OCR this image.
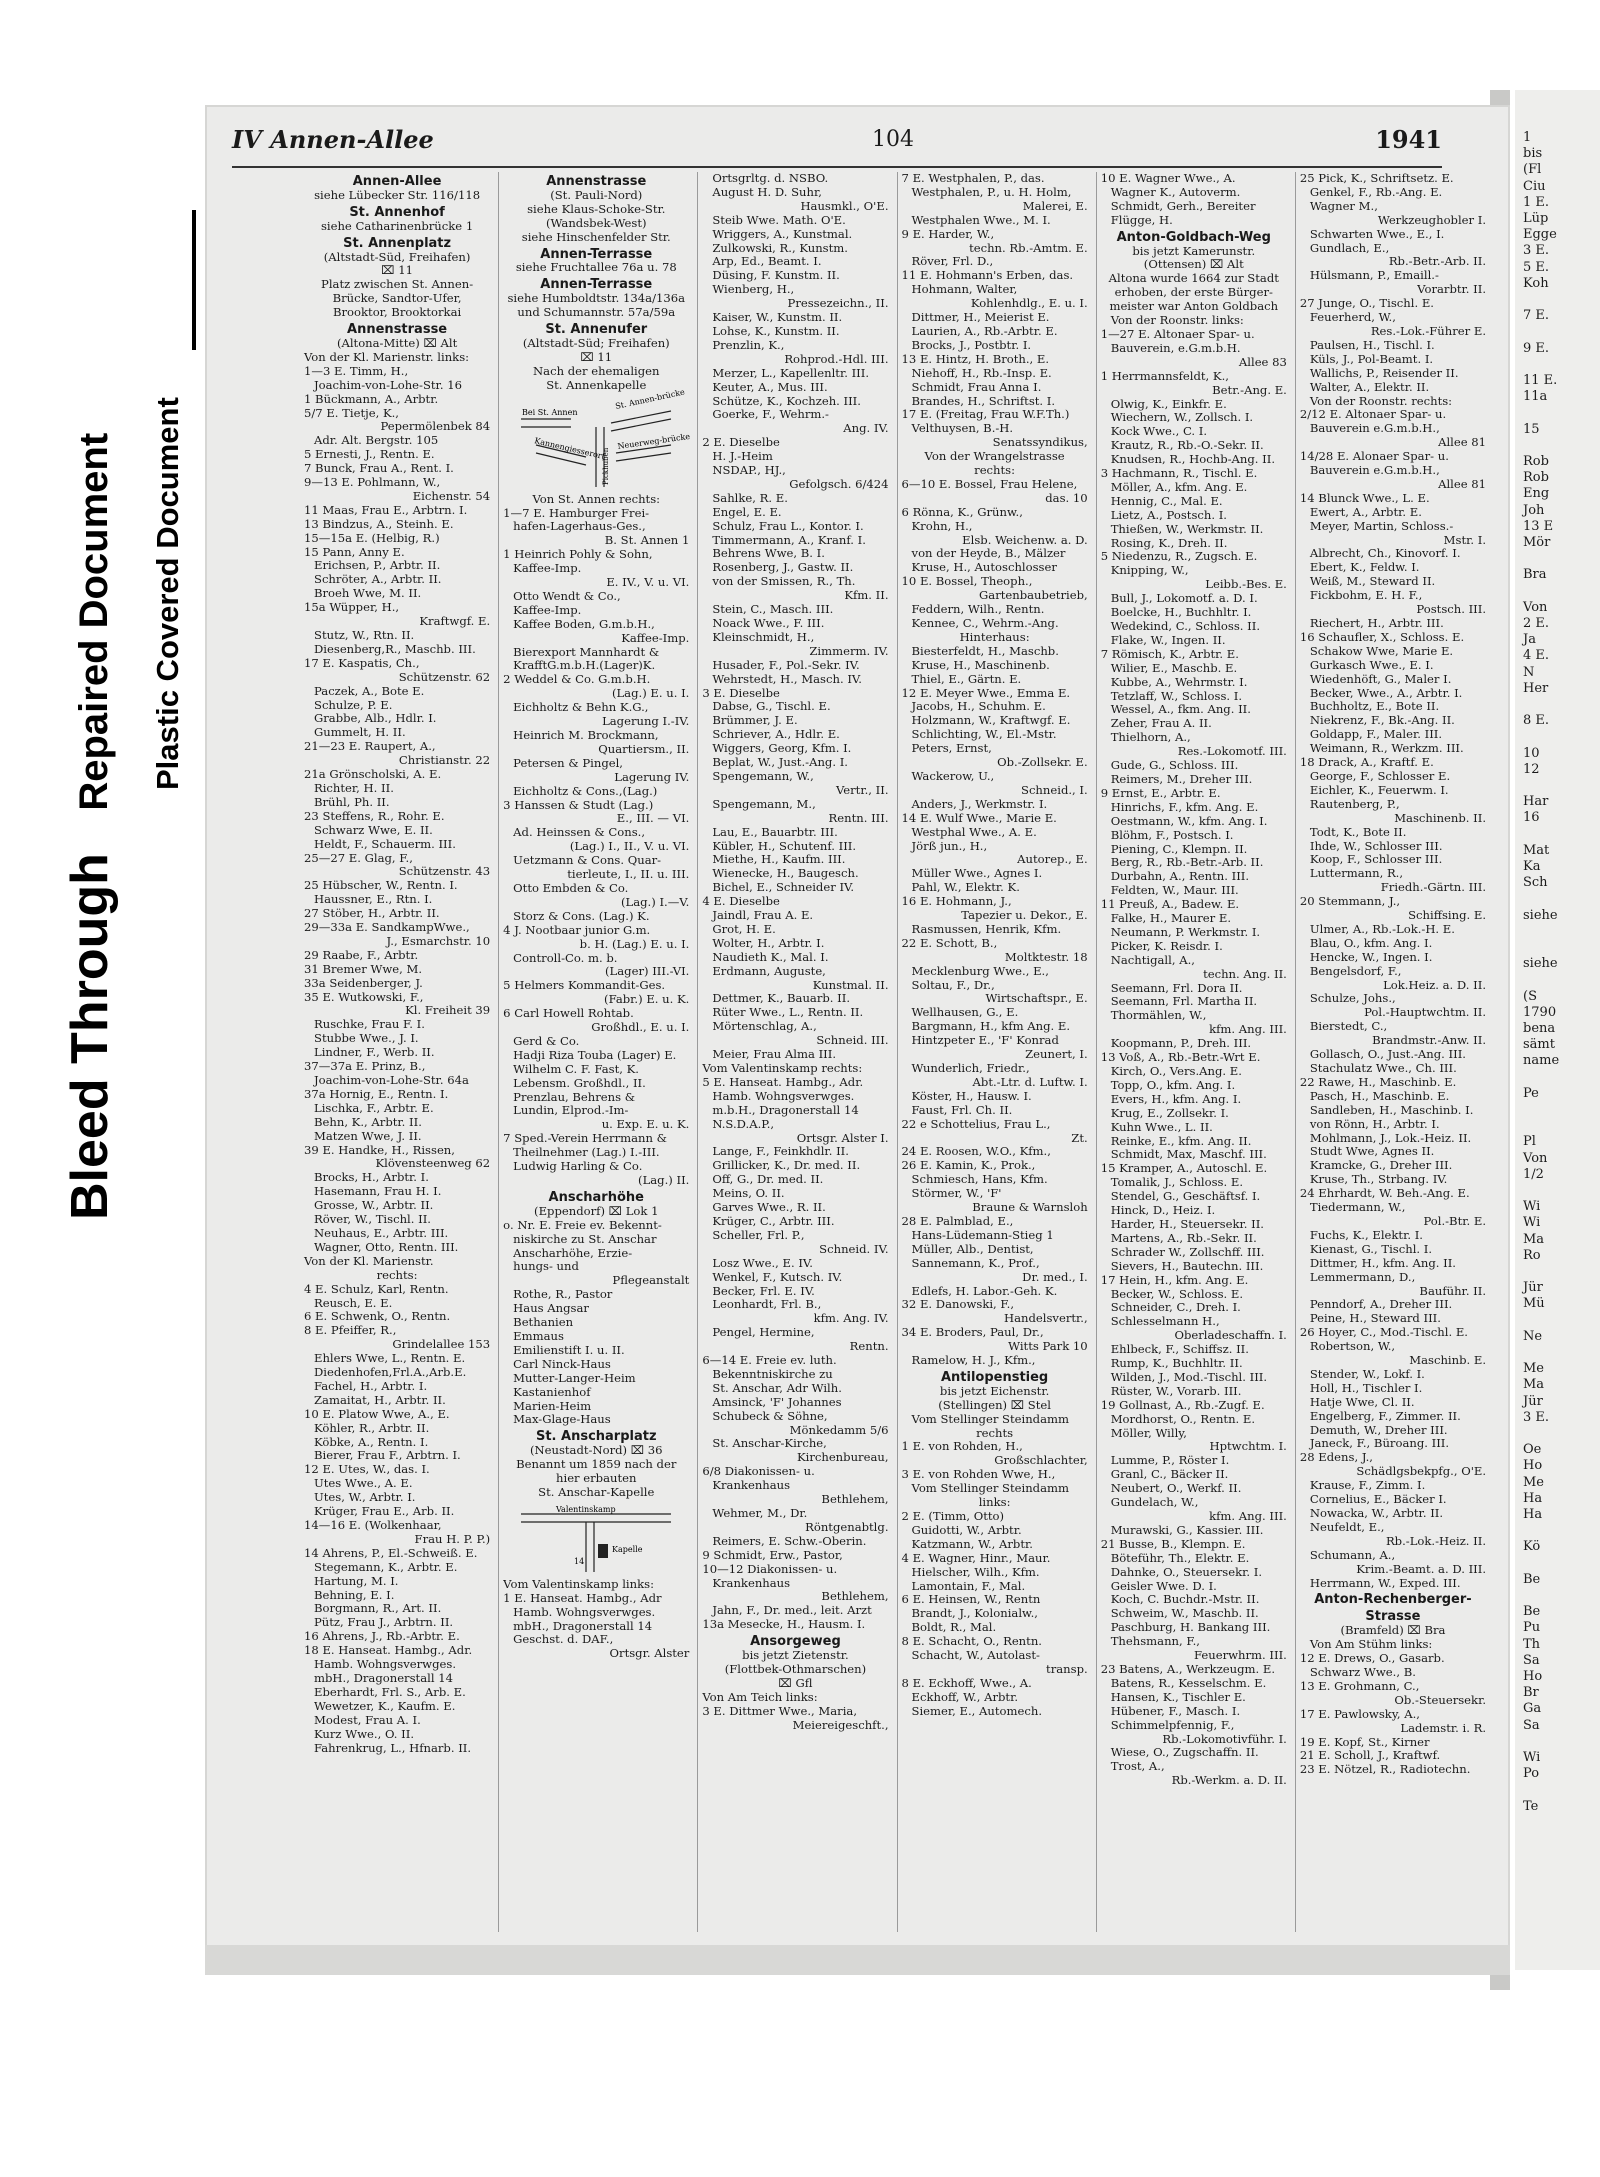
Bleed Through Repaired Document Plastic Covered Document
IV Annen-Allee	104	1941
Annen-Allee
siehe Lübecker Str. 116/118
St. Annenhof
siehe Catharinenbrücke 1
St. Annenplatz
(Altstadt-Süd, Freihafen)
⌧ 11
Platz zwischen St. Annen-
Brücke, Sandtor-Ufer,
Brooktor, Brooktorkai
Annenstrasse
(Altona-Mitte) ⌧ Alt
Von der Kl. Marienstr. links:
1—3 E. Timm, H.,
Joachim-von-Lohe-Str. 16
1 Bückmann, A., Arbtr.
5/7 E. Tietje, K.,
Pepermölenbek 84
Adr. Alt. Bergstr. 105
5 Ernesti, J., Rentn. E.
7 Bunck, Frau A., Rent. I.
9—13 E. Pohlmann, W.,
Eichenstr. 54
11 Maas, Frau E., Arbtrn. I.
13 Bindzus, A., Steinh. E.
15—15a E. (Helbig, R.)
15 Pann, Anny E.
Erichsen, P., Arbtr. II.
Schröter, A., Arbtr. II.
Broeh Wwe, M. II.
15a Wüpper, H.,
Kraftwgf. E.
Stutz, W., Rtn. II.
Diesenberg,R., Maschb. III.
17 E. Kaspatis, Ch.,
Schützenstr. 62
Paczek, A., Bote E.
Schulze, P. E.
Grabbe, Alb., Hdlr. I.
Gummelt, H. II.
21—23 E. Raupert, A.,
Christianstr. 22
21a Grönscholski, A. E.
Richter, H. II.
Brühl, Ph. II.
23 Steffens, R., Rohr. E.
Schwarz Wwe, E. II.
Heldt, F., Schauerm. III.
25—27 E. Glag, F.,
Schützenstr. 43
25 Hübscher, W., Rentn. I.
Haussner, E., Rtn. I.
27 Stöber, H., Arbtr. II.
29—33a E. SandkampWwe.,
J., Esmarchstr. 10
29 Raabe, F., Arbtr.
31 Bremer Wwe, M.
33a Seidenberger, J.
35 E. Wutkowski, F.,
Kl. Freiheit 39
Ruschke, Frau F. I.
Stubbe Wwe., J. I.
Lindner, F., Werb. II.
37—37a E. Prinz, B.,
Joachim-von-Lohe-Str. 64a
37a Hornig, E., Rentn. I.
Lischka, F., Arbtr. E.
Behn, K., Arbtr. II.
Matzen Wwe, J. II.
39 E. Handke, H., Rissen,
Klövensteenweg 62
Brocks, H., Arbtr. I.
Hasemann, Frau H. I.
Grosse, W., Arbtr. II.
Röver, W., Tischl. II.
Neuhaus, E., Arbtr. III.
Wagner, Otto, Rentn. III.
Von der Kl. Marienstr.
rechts:
4 E. Schulz, Karl, Rentn.
Reusch, E. E.
6 E. Schwenk, O., Rentn.
8 E. Pfeiffer, R.,
Grindelallee 153
Ehlers Wwe, L., Rentn. E.
Diedenhofen,Frl.A.,Arb.E.
Fachel, H., Arbtr. I.
Zamaitat, H., Arbtr. II.
10 E. Platow Wwe, A., E.
Köhler, R., Arbtr. II.
Köbke, A., Rentn. I.
Bierer, Frau F., Arbtrn. I.
12 E. Utes, W., das. I.
Utes Wwe., A. E.
Utes, W., Arbtr. I.
Krüger, Frau E., Arb. II.
14—16 E. (Wolkenhaar,
Frau H. P. P.)
14 Ahrens, P., El.-Schweiß. E.
Stegemann, K., Arbtr. E.
Hartung, M. I.
Behning, E. I.
Borgmann, R., Art. II.
Pütz, Frau J., Arbtrn. II.
16 Ahrens, J., Rb.-Arbtr. E.
18 E. Hanseat. Hambg., Adr.
Hamb. Wohngsverwges.
mbH., Dragonerstall 14
Eberhardt, Frl. S., Arb. E.
Wewetzer, K., Kaufm. E.
Modest, Frau A. I.
Kurz Wwe., O. II.
Fahrenkrug, L., Hfnarb. II.
Annenstrasse
(St. Pauli-Nord)
siehe Klaus-Schoke-Str.
(Wandsbek-West)
siehe Hinschenfelder Str.
Annen-Terrasse
siehe Fruchtallee 76a u. 78
Annen-Terrasse
siehe Humboldtstr. 134a/136a
und Schumannstr. 57a/59a
St. Annenufer
(Altstadt-Süd; Freihafen)
⌧ 11
Nach der ehemaligen
St. Annenkapelle
Bei St. Annen
St. Annen-brücke
Kannengiesserort Neuerweg-brücke
Pickhuben
Von St. Annen rechts:
1—7 E. Hamburger Frei-
hafen-Lagerhaus-Ges.,
B. St. Annen 1
1 Heinrich Pohly & Sohn,
Kaffee-Imp.
E. IV., V. u. VI.
Otto Wendt & Co.,
Kaffee-Imp.
Kaffee Boden, G.m.b.H.,
Kaffee-Imp.
Bierexport Mannhardt &
KrafftG.m.b.H.(Lager)K.
2 Weddel & Co. G.m.b.H.
(Lag.) E. u. I.
Eichholtz & Behn K.G.,
Lagerung I.-IV.
Heinrich M. Brockmann,
Quartiersm., II.
Petersen & Pingel,
Lagerung IV.
Eichholtz & Cons.,(Lag.)
3 Hanssen & Studt (Lag.)
E., III. — VI.
Ad. Heinssen & Cons.,
(Lag.) I., II., V. u. VI.
Uetzmann & Cons. Quar-
tierleute, I., II. u. III.
Otto Embden & Co.
(Lag.) I.—V.
Storz & Cons. (Lag.) K.
4 J. Nootbaar junior G.m.
b. H. (Lag.) E. u. I.
Controll-Co. m. b.
(Lager) III.-VI.
5 Helmers Kommandit-Ges.
(Fabr.) E. u. K.
6 Carl Howell Rohtab.
Großhdl., E. u. I.
Gerd & Co.
Hadji Riza Touba (Lager) E.
Wilhelm C. F. Fast, K.
Lebensm. Großhdl., II.
Prenzlau, Behrens &
Lundin, Elprod.-Im-
u. Exp. E. u. K.
7 Sped.-Verein Herrmann &
Theilnehmer (Lag.) I.-III.
Ludwig Harling & Co.
(Lag.) II.
Anscharhöhe
(Eppendorf) ⌧ Lok 1
o. Nr. E. Freie ev. Bekennt-
niskirche zu St. Anschar
Anscharhöhe, Erzie-
hungs- und
Pflegeanstalt
Rothe, R., Pastor
Haus Angsar
Bethanien
Emmaus
Emilienstift I. u. II.
Carl Ninck-Haus
Mutter-Langer-Heim
Kastanienhof
Marien-Heim
Max-Glage-Haus
St. Anscharplatz
(Neustadt-Nord) ⌧ 36
Benannt um 1859 nach der
hier erbauten
St. Anschar-Kapelle
Valentinskamp
Kapelle
14
Vom Valentinskamp links:
1 E. Hanseat. Hambg., Adr
Hamb. Wohngsverwges.
mbH., Dragonerstall 14
Geschst. d. DAF.,
Ortsgr. Alster
Ortsgrltg. d. NSBO.
August H. D. Suhr,
Hausmkl., O'E.
Steib Wwe. Math. O'E.
Wriggers, A., Kunstmal.
Zulkowski, R., Kunstm.
Arp, Ed., Beamt. I.
Düsing, F. Kunstm. II.
Wienberg, H.,
Pressezeichn., II.
Kaiser, W., Kunstm. II.
Lohse, K., Kunstm. II.
Prenzlin, K.,
Rohprod.-Hdl. III.
Merzer, L., Kapellenltr. III.
Keuter, A., Mus. III.
Schütze, K., Kochzeh. III.
Goerke, F., Wehrm.-
Ang. IV.
2 E. Dieselbe
H. J.-Heim
NSDAP., HJ.,
Gefolgsch. 6/424
Sahlke, R. E.
Engel, E. E.
Schulz, Frau L., Kontor. I.
Timmermann, A., Kranf. I.
Behrens Wwe, B. I.
Rosenberg, J., Gastw. II.
von der Smissen, R., Th.
Kfm. II.
Stein, C., Masch. III.
Noack Wwe., F. III.
Kleinschmidt, H.,
Zimmerm. IV.
Husader, F., Pol.-Sekr. IV.
Wehrstedt, H., Masch. IV.
3 E. Dieselbe
Dabse, G., Tischl. E.
Brümmer, J. E.
Schriever, A., Hdlr. E.
Wiggers, Georg, Kfm. I.
Beplat, W., Just.-Ang. I.
Spengemann, W.,
Vertr., II.
Spengemann, M.,
Rentn. III.
Lau, E., Bauarbtr. III.
Kübler, H., Schutenf. III.
Miethe, H., Kaufm. III.
Wienecke, H., Baugesch.
Bichel, E., Schneider IV.
4 E. Dieselbe
Jaindl, Frau A. E.
Grot, H. E.
Wolter, H., Arbtr. I.
Naudieth K., Mal. I.
Erdmann, Auguste,
Kunstmal. II.
Dettmer, K., Bauarb. II.
Rüter Wwe., L., Rentn. II.
Mörtenschlag, A.,
Schneid. III.
Meier, Frau Alma III.
Vom Valentinskamp rechts:
5 E. Hanseat. Hambg., Adr.
Hamb. Wohngsverwges.
m.b.H., Dragonerstall 14
N.S.D.A.P.,
Ortsgr. Alster I.
Lange, F., Feinkhdlr. II.
Grillicker, K., Dr. med. II.
Off, G., Dr. med. II.
Meins, O. II.
Garves Wwe., R. II.
Krüger, C., Arbtr. III.
Scheller, Frl. P.,
Schneid. IV.
Losz Wwe., E. IV.
Wenkel, F., Kutsch. IV.
Becker, Frl. E. IV.
Leonhardt, Frl. B.,
kfm. Ang. IV.
Pengel, Hermine,
Rentn.
6—14 E. Freie ev. luth.
Bekenntniskirche zu
St. Anschar, Adr Wilh.
Amsinck, 'F' Johannes
Schubeck & Söhne,
Mönkedamm 5/6
St. Anschar-Kirche,
Kirchenbureau,
6/8 Diakonissen- u.
Krankenhaus
Bethlehem,
Wehmer, M., Dr.
Röntgenabtlg.
Reimers, E. Schw.-Oberin.
9 Schmidt, Erw., Pastor,
10—12 Diakonissen- u.
Krankenhaus
Bethlehem,
Jahn, F., Dr. med., leit. Arzt
13a Mesecke, H., Hausm. I.
Ansorgeweg
bis jetzt Zietenstr.
(Flottbek-Othmarschen)
⌧ Gfl
Von Am Teich links:
3 E. Dittmer Wwe., Maria,
Meiereigeschft.,
7 E. Westphalen, P., das.
Westphalen, P., u. H. Holm,
Malerei, E.
Westphalen Wwe., M. I.
9 E. Harder, W.,
techn. Rb.-Amtm. E.
Röver, Frl. D.,
11 E. Hohmann's Erben, das.
Hohmann, Walter,
Kohlenhdlg., E. u. I.
Dittmer, H., Meierist E.
Laurien, A., Rb.-Arbtr. E.
Brocks, J., Postbtr. I.
13 E. Hintz, H. Broth., E.
Niehoff, H., Rb.-Insp. E.
Schmidt, Frau Anna I.
Brandes, H., Schriftst. I.
17 E. (Freitag, Frau W.F.Th.)
Velthuysen, B.-H.
Senatssyndikus,
Von der Wrangelstrasse
rechts:
6—10 E. Bossel, Frau Helene,
das. 10
6 Rönna, K., Grünw.,
Krohn, H.,
Elsb. Weichenw. a. D.
von der Heyde, B., Mälzer
Kruse, H., Autoschlosser
10 E. Bossel, Theoph.,
Gartenbaubetrieb,
Feddern, Wilh., Rentn.
Kennee, C., Wehrm.-Ang.
Hinterhaus:
Biesterfeldt, H., Maschb.
Kruse, H., Maschinenb.
Thiel, E., Gärtn. E.
12 E. Meyer Wwe., Emma E.
Jacobs, H., Schuhm. E.
Holzmann, W., Kraftwgf. E.
Schlichting, W., El.-Mstr.
Peters, Ernst,
Ob.-Zollsekr. E.
Wackerow, U.,
Schneid., I.
Anders, J., Werkmstr. I.
14 E. Wulf Wwe., Marie E.
Westphal Wwe., A. E.
Jörß jun., H.,
Autorep., E.
Müller Wwe., Agnes I.
Pahl, W., Elektr. K.
16 E. Hohmann, J.,
Tapezier u. Dekor., E.
Rasmussen, Henrik, Kfm.
22 E. Schott, B.,
Moltktestr. 18
Mecklenburg Wwe., E.,
Soltau, F., Dr.,
Wirtschaftspr., E.
Wellhausen, G., E.
Bargmann, H., kfm Ang. E.
Hintzpeter E., 'F' Konrad
Zeunert, I.
Wunderlich, Friedr.,
Abt.-Ltr. d. Luftw. I.
Köster, H., Hausw. I.
Faust, Frl. Ch. II.
22 e Schottelius, Frau L.,
Zt.
24 E. Roosen, W.O., Kfm.,
26 E. Kamin, K., Prok.,
Schmiesch, Hans, Kfm.
Störmer, W., 'F'
Braune & Warnsloh
28 E. Palmblad, E.,
Hans-Lüdemann-Stieg 1
Müller, Alb., Dentist,
Sannemann, K., Prof.,
Dr. med., I.
Edlefs, H. Labor.-Geh. K.
32 E. Danowski, F.,
Handelsvertr.,
34 E. Broders, Paul, Dr.,
Witts Park 10
Ramelow, H. J., Kfm.,
Antilopenstieg
bis jetzt Eichenstr.
(Stellingen) ⌧ Stel
Vom Stellinger Steindamm
rechts
1 E. von Rohden, H.,
Großschlachter,
3 E. von Rohden Wwe, H.,
Vom Stellinger Steindamm
links:
2 E. (Timm, Otto)
Guidotti, W., Arbtr.
Katzmann, W., Arbtr.
4 E. Wagner, Hinr., Maur.
Hielscher, Wilh., Kfm.
Lamontain, F., Mal.
6 E. Heinsen, W., Rentn
Brandt, J., Kolonialw.,
Boldt, R., Mal.
8 E. Schacht, O., Rentn.
Schacht, W., Autolast-
transp.
8 E. Eckhoff, Wwe., A.
Eckhoff, W., Arbtr.
Siemer, E., Automech.
10 E. Wagner Wwe., A.
Wagner K., Autoverm.
Schmidt, Gerh., Bereiter
Flügge, H.
Anton-Goldbach-Weg
bis jetzt Kamerunstr.
(Ottensen) ⌧ Alt
Altona wurde 1664 zur Stadt
erhoben, der erste Bürger-
meister war Anton Goldbach
Von der Roonstr. links:
1—27 E. Altonaer Spar- u.
Bauverein, e.G.m.b.H.
Allee 83
1 Herrmannsfeldt, K.,
Betr.-Ang. E.
Olwig, K., Einkfr. E.
Wiechern, W., Zollsch. I.
Kock Wwe., C. I.
Krautz, R., Rb.-O.-Sekr. II.
Knudsen, R., Hochb-Ang. II.
3 Hachmann, R., Tischl. E.
Möller, A., kfm. Ang. E.
Hennig, C., Mal. E.
Lietz, A., Postsch. I.
Thießen, W., Werkmstr. II.
Rosing, K., Dreh. II.
5 Niedenzu, R., Zugsch. E.
Knipping, W.,
Leibb.-Bes. E.
Bull, J., Lokomotf. a. D. I.
Boelcke, H., Buchhltr. I.
Wedekind, C., Schloss. II.
Flake, W., Ingen. II.
7 Römisch, K., Arbtr. E.
Wilier, E., Maschb. E.
Kubbe, A., Wehrmstr. I.
Tetzlaff, W., Schloss. I.
Wessel, A., fkm. Ang. II.
Zeher, Frau A. II.
Thielhorn, A.,
Res.-Lokomotf. III.
Gude, G., Schloss. III.
Reimers, M., Dreher III.
9 Ernst, E., Arbtr. E.
Hinrichs, F., kfm. Ang. E.
Oestmann, W., kfm. Ang. I.
Blöhm, F., Postsch. I.
Piening, C., Klempn. II.
Berg, R., Rb.-Betr.-Arb. II.
Durbahn, A., Rentn. III.
Feldten, W., Maur. III.
11 Preuß, A., Badew. E.
Falke, H., Maurer E.
Neumann, P. Werkmstr. I.
Picker, K. Reisdr. I.
Nachtigall, A.,
techn. Ang. II.
Seemann, Frl. Dora II.
Seemann, Frl. Martha II.
Thormählen, W.,
kfm. Ang. III.
Koopmann, P., Dreh. III.
13 Voß, A., Rb.-Betr.-Wrt E.
Kirch, O., Vers.Ang. E.
Topp, O., kfm. Ang. I.
Evers, H., kfm. Ang. I.
Krug, E., Zollsekr. I.
Kuhn Wwe., L. II.
Reinke, E., kfm. Ang. II.
Schmidt, Max, Maschf. III.
15 Kramper, A., Autoschl. E.
Tomalik, J., Schloss. E.
Stendel, G., Geschäftsf. I.
Hinck, D., Heiz. I.
Harder, H., Steuersekr. II.
Martens, A., Rb.-Sekr. II.
Schrader W., Zollschff. III.
Sievers, H., Bautechn. III.
17 Hein, H., kfm. Ang. E.
Becker, W., Schloss. E.
Schneider, C., Dreh. I.
Schlesselmann H.,
Oberladeschaffn. I.
Ehlbeck, F., Schiffsz. II.
Rump, K., Buchhltr. II.
Wilden, J., Mod.-Tischl. III.
Rüster, W., Vorarb. III.
19 Gollnast, A., Rb.-Zugf. E.
Mordhorst, O., Rentn. E.
Möller, Willy,
Hptwchtm. I.
Lumme, P., Röster I.
Granl, C., Bäcker II.
Neubert, O., Werkf. II.
Gundelach, W.,
kfm. Ang. III.
Murawski, G., Kassier. III.
21 Busse, B., Klempn. E.
Böteführ, Th., Elektr. E.
Dahnke, O., Steuersekr. I.
Geisler Wwe. D. I.
Koch, C. Buchdr.-Mstr. II.
Schweim, W., Maschb. II.
Paschburg, H. Bankang III.
Thehsmann, F.,
Feuerwhrm. III.
23 Batens, A., Werkzeugm. E.
Batens, R., Kesselschm. E.
Hansen, K., Tischler E.
Hübener, F., Masch. I.
Schimmelpfennig, F.,
Rb.-Lokomotivführ. I.
Wiese, O., Zugschaffn. II.
Trost, A.,
Rb.-Werkm. a. D. II.
25 Pick, K., Schriftsetz. E.
Genkel, F., Rb.-Ang. E.
Wagner M.,
Werkzeughobler I.
Schwarten Wwe., E., I.
Gundlach, E.,
Rb.-Betr.-Arb. II.
Hülsmann, P., Emaill.-
Vorarbtr. II.
27 Junge, O., Tischl. E.
Feuerherd, W.,
Res.-Lok.-Führer E.
Paulsen, H., Tischl. I.
Küls, J., Pol-Beamt. I.
Wallichs, P., Reisender II.
Walter, A., Elektr. II.
Von der Roonstr. rechts:
2/12 E. Altonaer Spar- u.
Bauverein e.G.m.b.H.,
Allee 81
14/28 E. Alonaer Spar- u.
Bauverein e.G.m.b.H.,
Allee 81
14 Blunck Wwe., L. E.
Ewert, A., Arbtr. E.
Meyer, Martin, Schloss.-
Mstr. I.
Albrecht, Ch., Kinovorf. I.
Ebert, K., Feldw. I.
Weiß, M., Steward II.
Fickbohm, E. H. F.,
Postsch. III.
Riechert, H., Arbtr. III.
16 Schaufler, X., Schloss. E.
Schakow Wwe, Marie E.
Gurkasch Wwe., E. I.
Wiedenhöft, G., Maler I.
Becker, Wwe., A., Arbtr. I.
Buchholtz, E., Bote II.
Niekrenz, F., Bk.-Ang. II.
Goldapp, F., Maler. III.
Weimann, R., Werkzm. III.
18 Drack, A., Kraftf. E.
George, F., Schlosser E.
Eichler, K., Feuerwm. I.
Rautenberg, P.,
Maschinenb. II.
Todt, K., Bote II.
Ihde, W., Schlosser III.
Koop, F., Schlosser III.
Luttermann, R.,
Friedh.-Gärtn. III.
20 Stemmann, J.,
Schiffsing. E.
Ulmer, A., Rb.-Lok.-H. E.
Blau, O., kfm. Ang. I.
Hencke, W., Ingen. I.
Bengelsdorf, F.,
Lok.Heiz. a. D. II.
Schulze, Johs.,
Pol.-Hauptwchtm. II.
Bierstedt, C.,
Brandmstr.-Anw. II.
Gollasch, O., Just.-Ang. III.
Stachulatz Wwe., Ch. III.
22 Rawe, H., Maschinb. E.
Pasch, H., Maschinb. E.
Sandleben, H., Maschinb. I.
von Rönn, H., Arbtr. I.
Mohlmann, J., Lok.-Heiz. II.
Studt Wwe, Agnes II.
Kramcke, G., Dreher III.
Kruse, Th., Strbang. IV.
24 Ehrhardt, W. Beh.-Ang. E.
Tiedermann, W.,
Pol.-Btr. E.
Fuchs, K., Elektr. I.
Kienast, G., Tischl. I.
Dittmer, H., kfm. Ang. II.
Lemmermann, D.,
Bauführ. II.
Penndorf, A., Dreher III.
Peine, H., Steward III.
26 Hoyer, C., Mod.-Tischl. E.
Robertson, W.,
Maschinb. E.
Stender, W., Lokf. I.
Holl, H., Tischler I.
Hatje Wwe, Cl. II.
Engelberg, F., Zimmer. II.
Demuth, W., Dreher III.
Janeck, F., Büroang. III.
28 Edens, J.,
Schädlgsbekpfg., O'E.
Krause, F., Zimm. I.
Cornelius, E., Bäcker I.
Nowacka, W., Arbtr. II.
Neufeldt, E.,
Rb.-Lok.-Heiz. II.
Schumann, A.,
Krim.-Beamt. a. D. III.
Herrmann, W., Exped. III.
Anton-Rechenberger-
Strasse
(Bramfeld) ⌧ Bra
Von Am Stühm links:
12 E. Drews, O., Gasarb.
Schwarz Wwe., B.
13 E. Grohmann, C.,
Ob.-Steuersekr.
17 E. Pawlowsky, A.,
Lademstr. i. R.
19 E. Kopf, St., Kirner
21 E. Scholl, J., Kraftwf.
23 E. Nötzel, R., Radiotechn.
1
bis
(Fl
Ciu
1 E.
Lüp
Egge
3 E.
5 E.
Koh
7 E.
9 E.
11 E.
11a
15
Rob
Rob
Eng
Joh
13 E
Mör
Bra
Von
2 E.
Ja
4 E.
N
Her
8 E.
10
12
Har
16
Mat
Ka
Sch
siehe
siehe
(S
1790
bena
sämt
name
Pe
Pl
Von
1/2
Wi
Wi
Ma
Ro
Jür
Mü
Ne
Me
Ma
Jür
3 E.
Oe
Ho
Me
Ha
Ha
Kö
Be
Be
Pu
Th
Sa
Ho
Br
Ga
Sa
Wi
Po
Te
